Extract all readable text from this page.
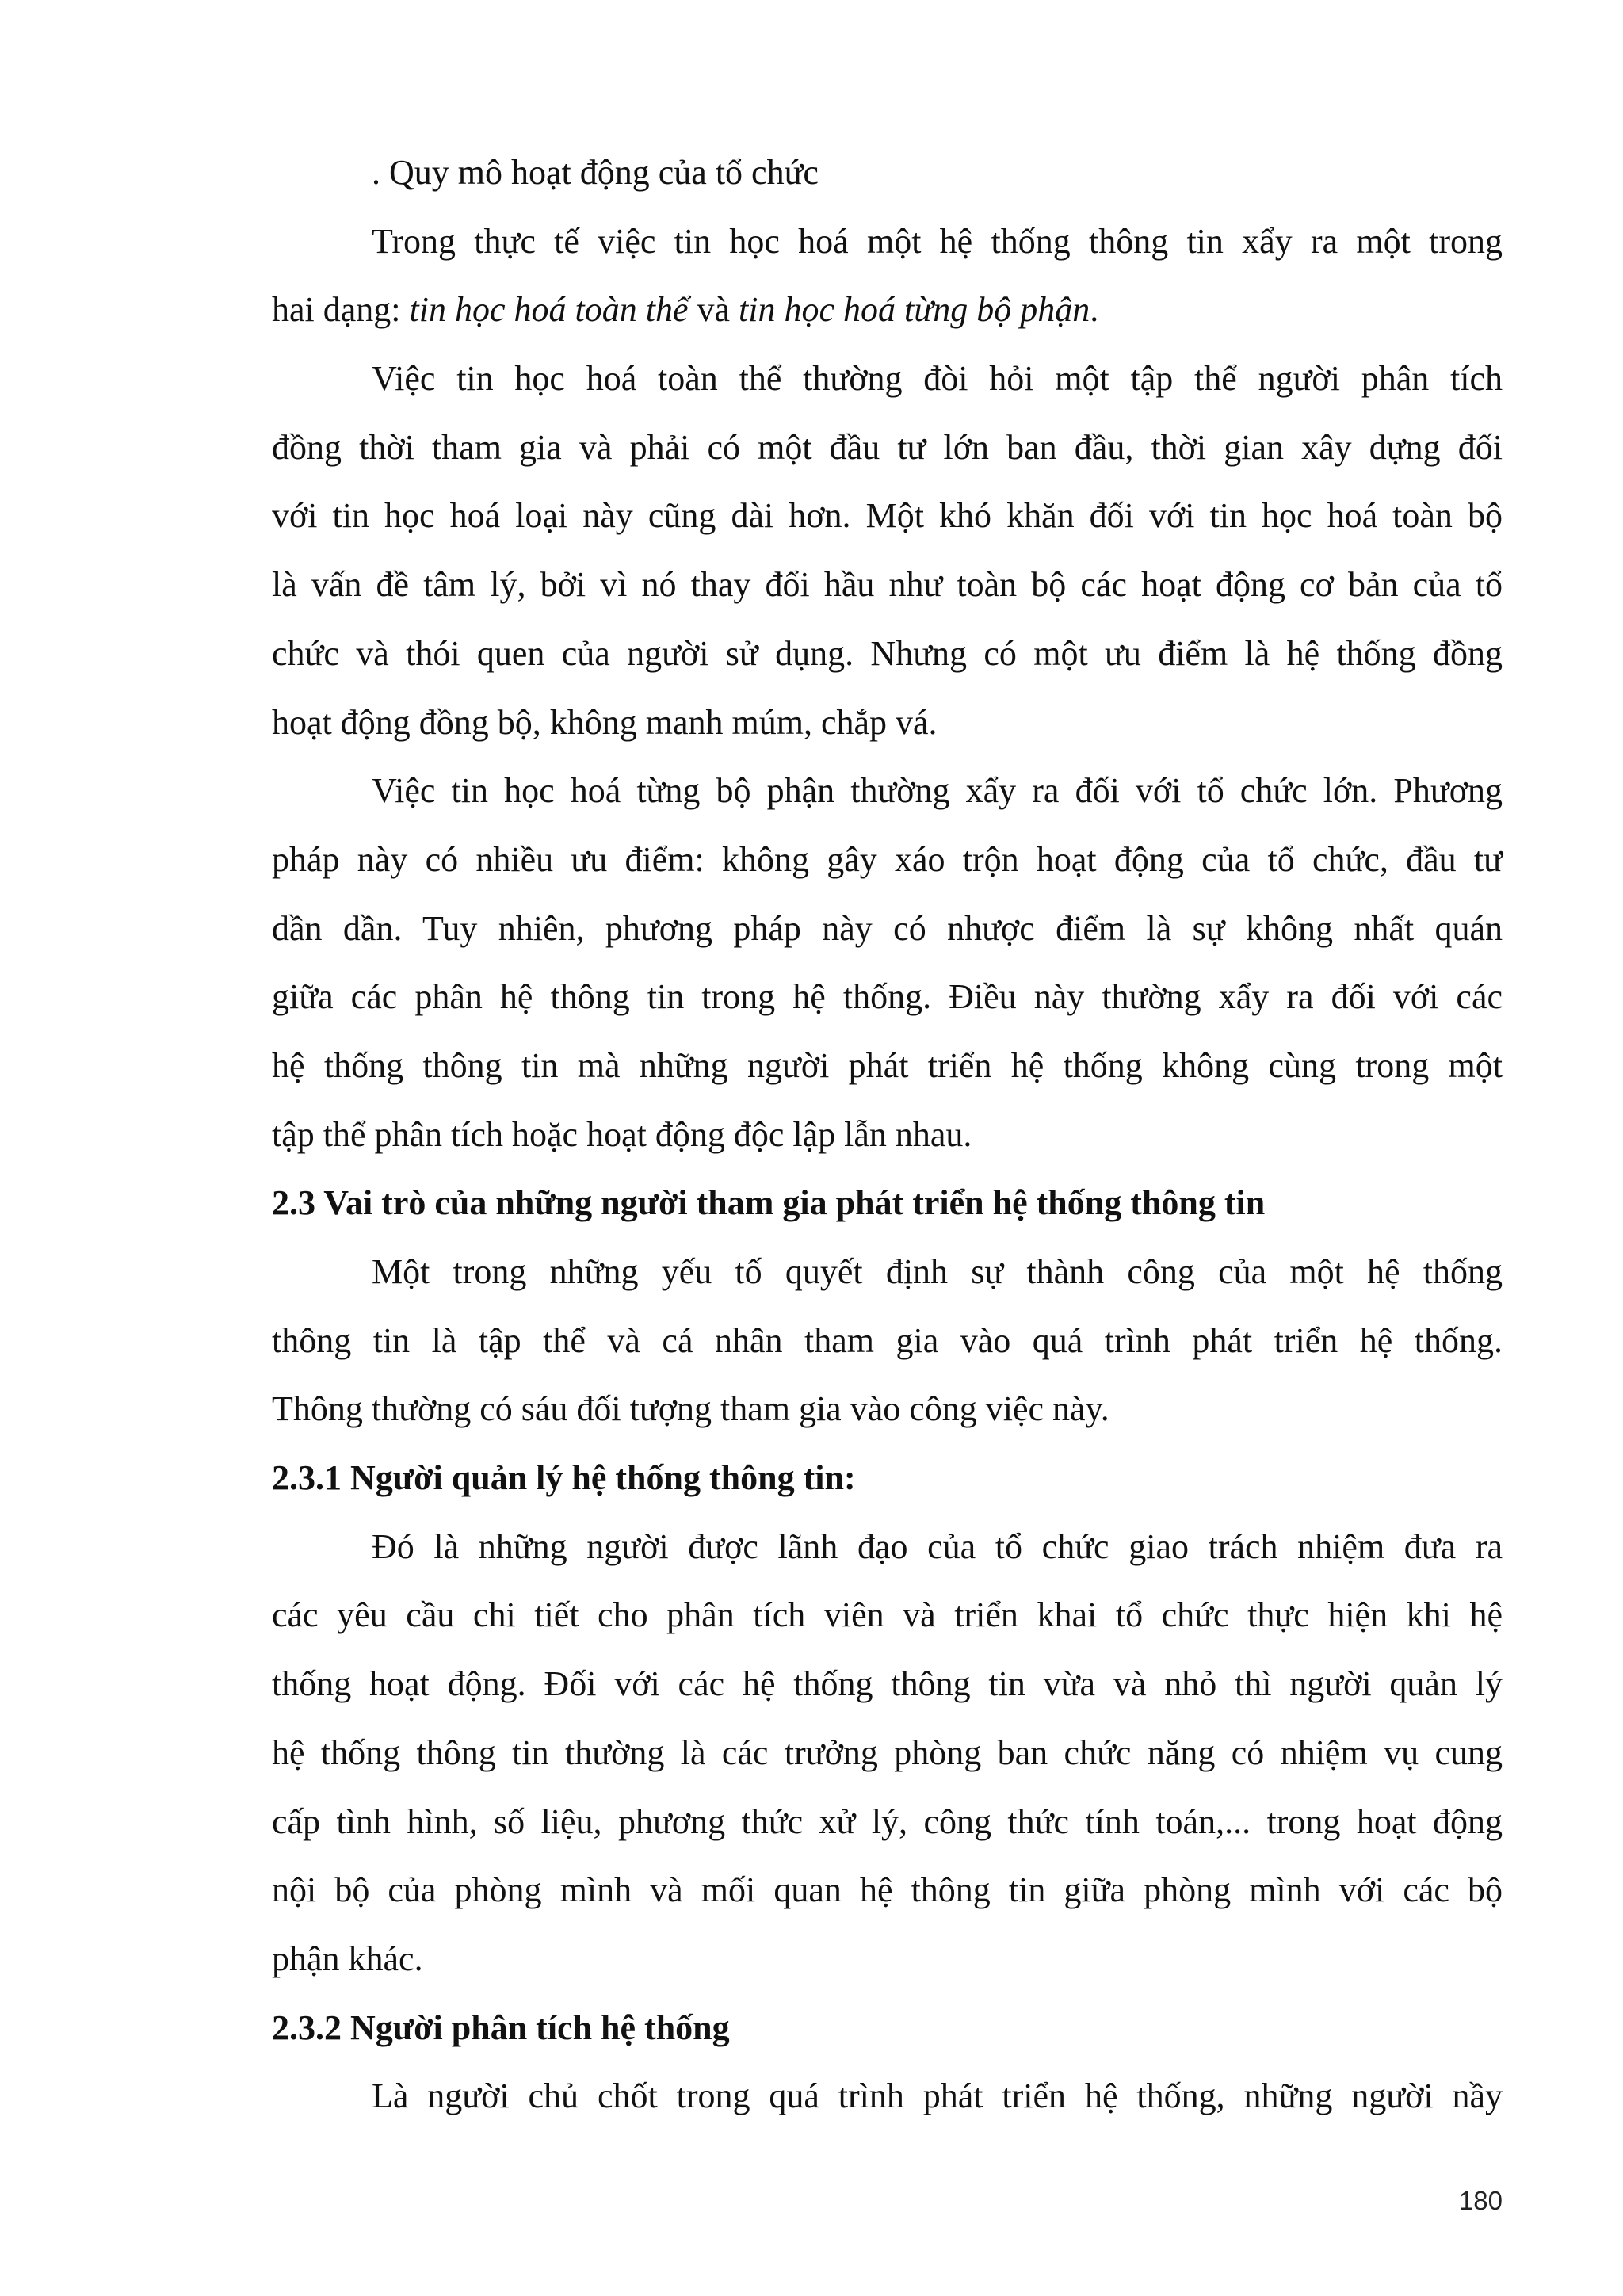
. Quy mô hoạt động của tổ chức

Trong thực tế việc tin học hoá một hệ thống thông tin xẩy ra một trong

hai dạng: tin học hoá toàn thể và tin học hoá từng bộ phận.

Việc tin học hoá toàn thể thường đòi hỏi một tập thể người phân tích

đồng thời tham gia và phải có một đầu tư lớn ban đầu, thời gian xây dựng đối

với tin học hoá loại này cũng dài hơn. Một khó khăn đối với tin học hoá toàn bộ

là vấn đề tâm lý, bởi vì nó thay đổi hầu như toàn bộ các hoạt động cơ bản của tổ

chức và thói quen của người sử dụng. Nhưng có một ưu điểm là hệ thống đồng

hoạt động đồng bộ, không manh múm, chắp vá.

Việc tin học hoá từng bộ phận thường xẩy ra đối với tổ chức lớn. Phương

pháp này có nhiều ưu điểm: không gây xáo trộn hoạt động của tổ chức, đầu tư

dần dần. Tuy nhiên, phương pháp này có nhược điểm là sự không nhất quán

giữa các phân hệ thông tin trong hệ thống. Điều này thường xẩy ra đối với các

hệ thống thông tin mà những người phát triển hệ thống không cùng trong một

tập thể phân tích hoặc hoạt động độc lập lẫn nhau.

2.3 Vai trò của những người tham gia phát triển hệ thống thông tin

Một trong những yếu tố quyết định sự thành công của một hệ thống

thông tin là tập thể và cá nhân tham gia vào quá trình phát triển hệ thống.

Thông thường có sáu đối tượng tham gia vào công việc này.

2.3.1 Người quản lý hệ thống thông tin:

Đó là những người được lãnh đạo của tổ chức giao trách nhiệm đưa ra

các yêu cầu chi tiết cho phân tích viên và triển khai tổ chức thực hiện khi hệ

thống hoạt động. Đối với các hệ thống thông tin vừa và nhỏ thì người quản lý

hệ thống thông tin thường là các trưởng phòng ban chức năng có nhiệm vụ cung

cấp tình hình, số liệu, phương thức xử lý, công thức tính toán,... trong hoạt động

nội bộ của phòng mình và mối quan hệ thông tin giữa phòng mình với các bộ

phận khác.

2.3.2 Người phân tích hệ thống

Là người chủ chốt trong quá trình phát triển hệ thống, những người nầy

180
